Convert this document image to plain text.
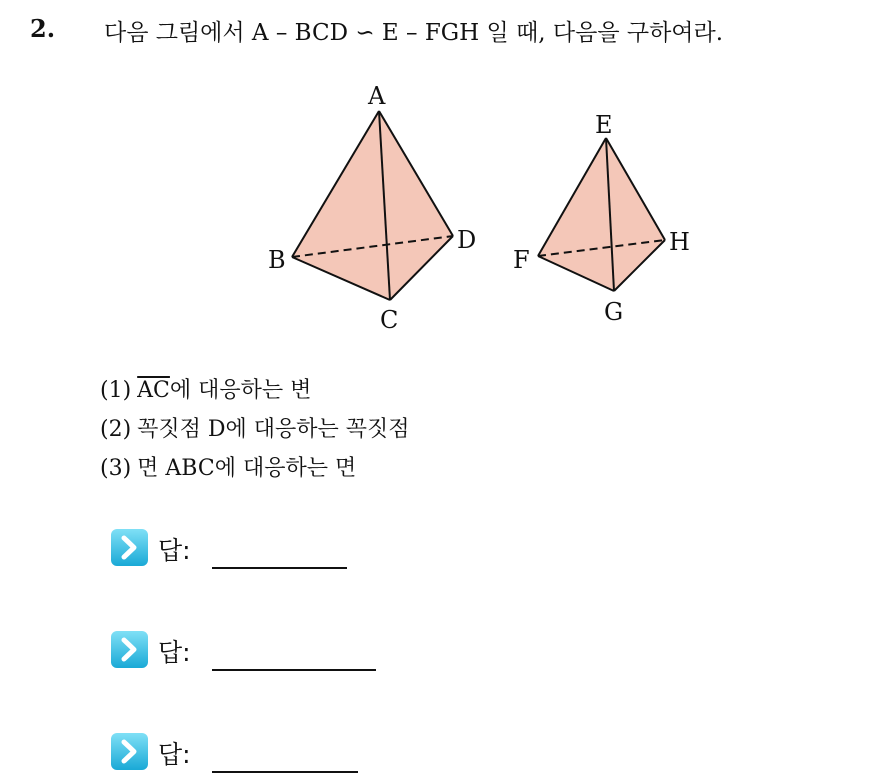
2. 다음 그림에서 A – BCD ∽ E – FGH 일 때, 다음을 구하여라.
A
B
C
D
E
F
G
H
(1) $\overline{AC}$에 대응하는 변
(2) 꼭짓점 D에 대응하는 꼭짓점
(3) 면 ABC에 대응하는 면
답:
답:
답:
